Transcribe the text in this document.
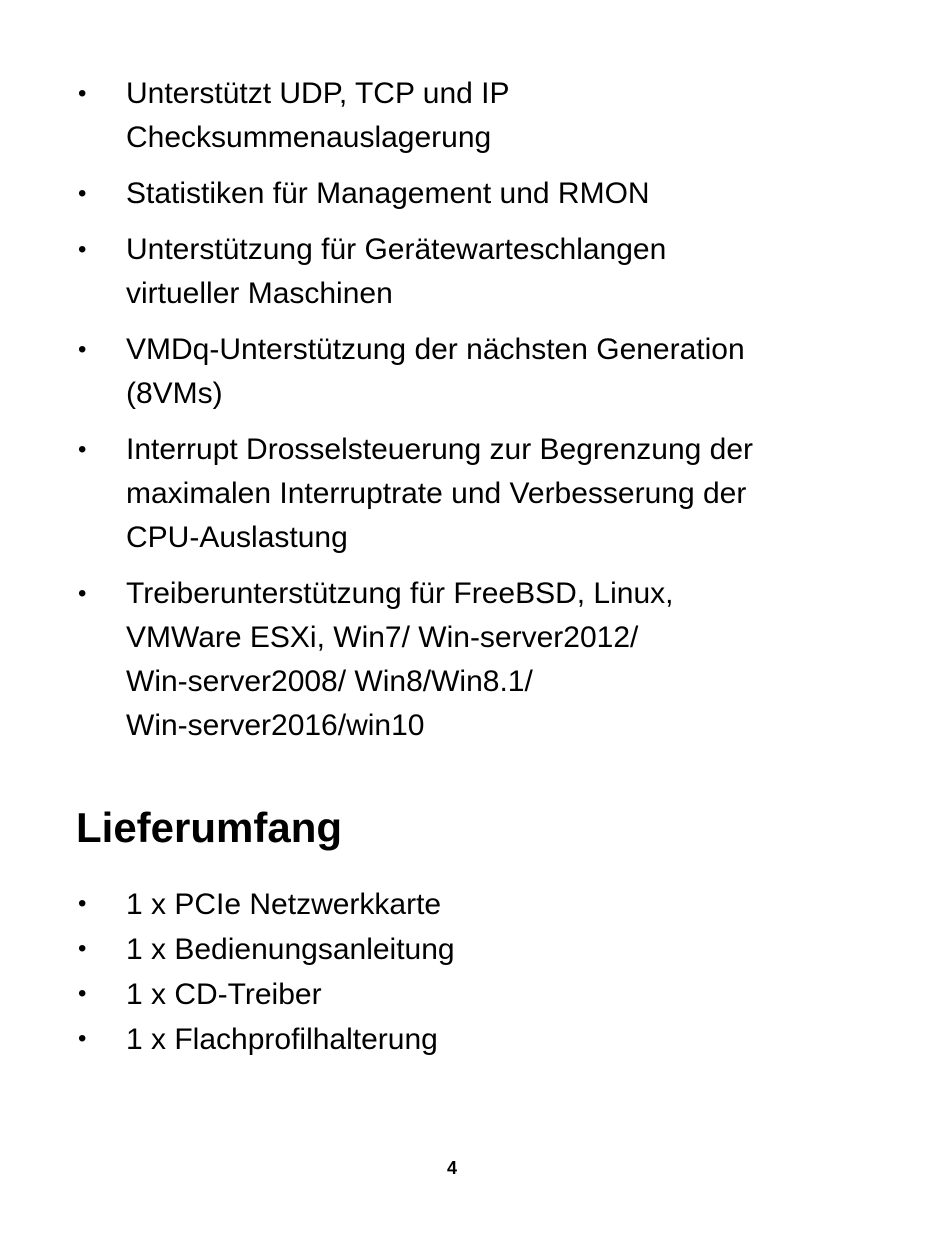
•	Unterstützt UDP, TCP und IP
Checksummenauslagerung
•	Statistiken für Management und RMON
•	Unterstützung für Gerätewarteschlangen
virtueller Maschinen
•	VMDq-Unterstützung der nächsten Generation
(8VMs)
•	Interrupt Drosselsteuerung zur Begrenzung der
maximalen Interruptrate und Verbesserung der
CPU-Auslastung
•	Treiberunterstützung für FreeBSD, Linux,
VMWare ESXi, Win7/ Win-server2012/
Win-server2008/ Win8/Win8.1/
Win-server2016/win10
Lieferumfang
•	1 x PCIe Netzwerkkarte
•	1 x Bedienungsanleitung
•	1 x CD-Treiber
•	1 x Flachprofilhalterung
4
